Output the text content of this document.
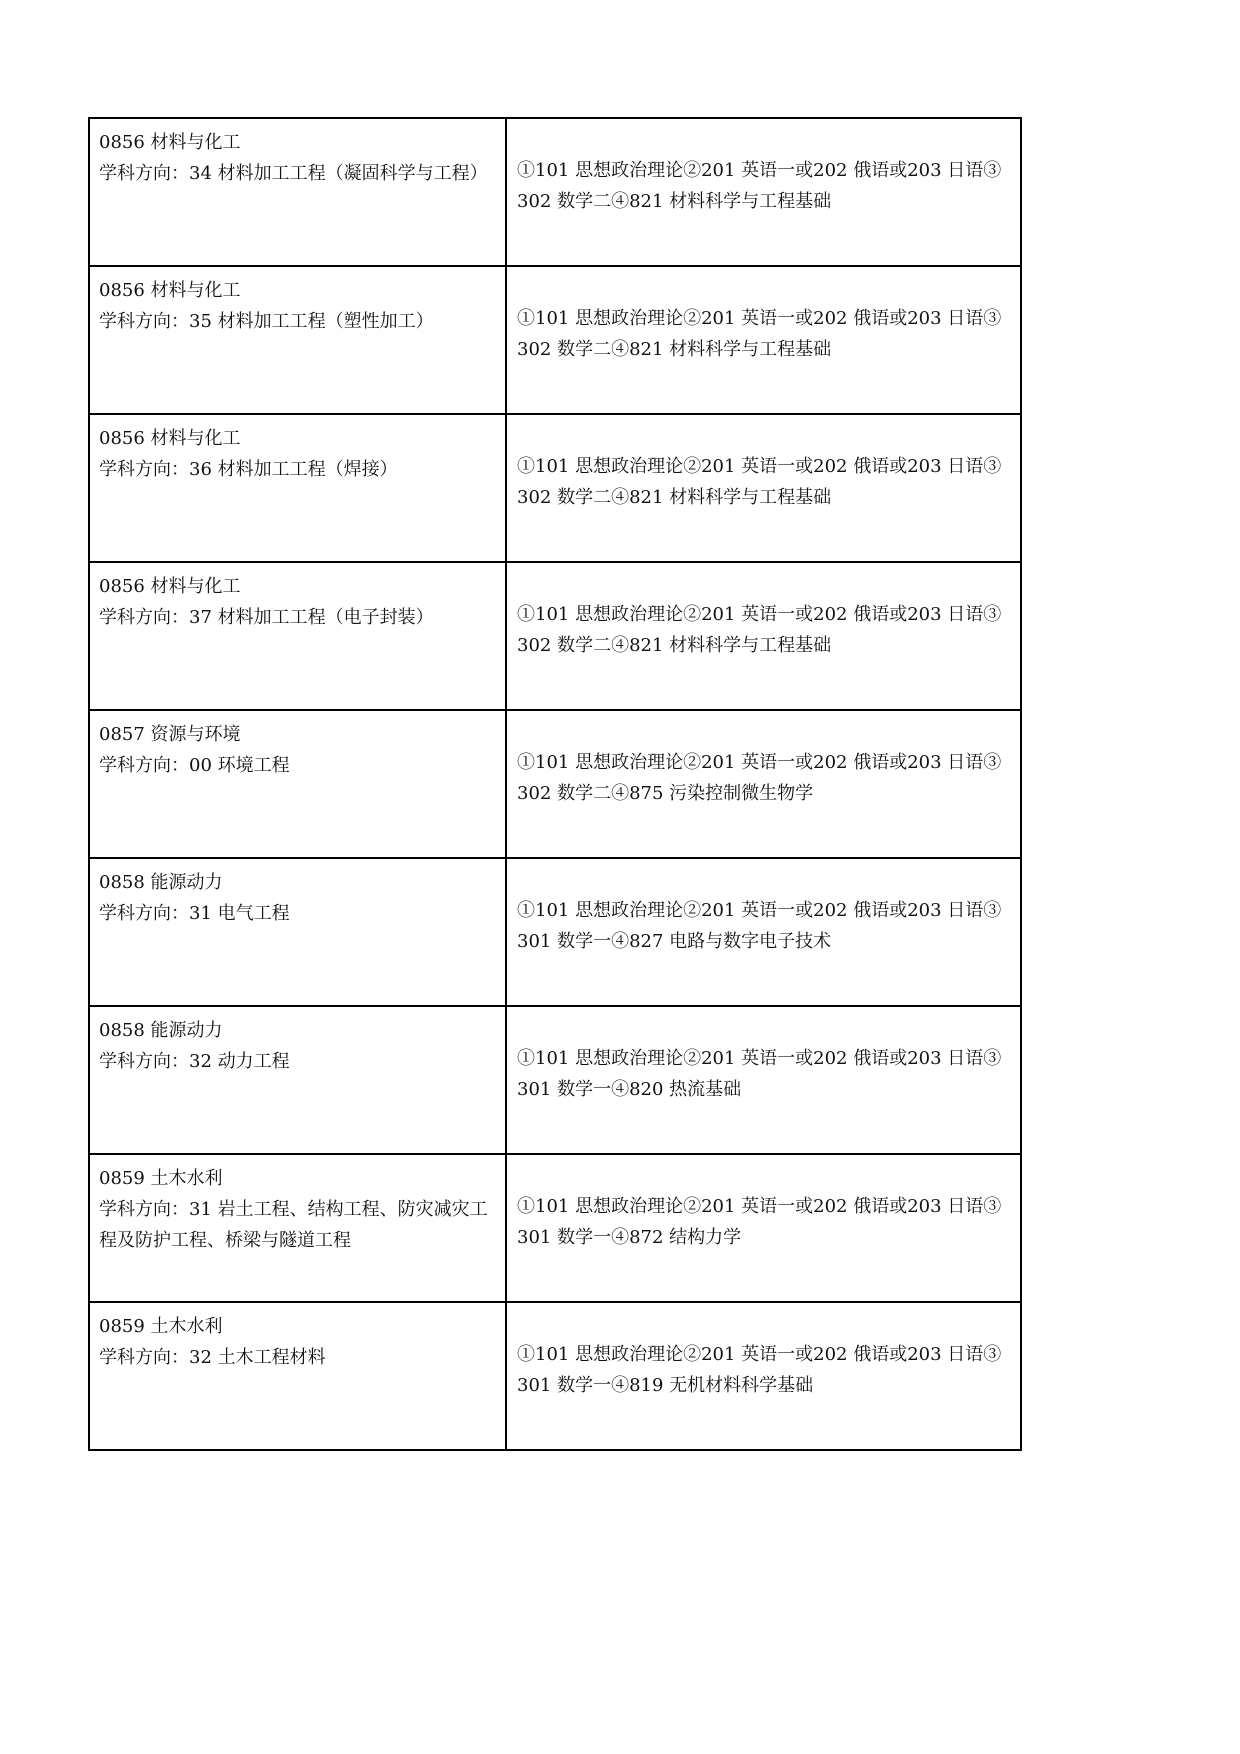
0856 材料与化工
学科方向：34 材料加工工程（凝固科学与工程）	①101 思想政治理论②201 英语一或202 俄语或203 日语③
302 数学二④821 材料科学与工程基础

0856 材料与化工
学科方向：35 材料加工工程（塑性加工）	①101 思想政治理论②201 英语一或202 俄语或203 日语③
302 数学二④821 材料科学与工程基础

0856 材料与化工
学科方向：36 材料加工工程（焊接）	①101 思想政治理论②201 英语一或202 俄语或203 日语③
302 数学二④821 材料科学与工程基础

0856 材料与化工
学科方向：37 材料加工工程（电子封装）	①101 思想政治理论②201 英语一或202 俄语或203 日语③
302 数学二④821 材料科学与工程基础

0857 资源与环境
学科方向：00 环境工程	①101 思想政治理论②201 英语一或202 俄语或203 日语③
302 数学二④875 污染控制微生物学

0858 能源动力
学科方向：31 电气工程	①101 思想政治理论②201 英语一或202 俄语或203 日语③
301 数学一④827 电路与数字电子技术

0858 能源动力
学科方向：32 动力工程	①101 思想政治理论②201 英语一或202 俄语或203 日语③
301 数学一④820 热流基础

0859 土木水利
学科方向：31 岩土工程、结构工程、防灾减灾工程及防护工程、桥梁与隧道工程	①101 思想政治理论②201 英语一或202 俄语或203 日语③
301 数学一④872 结构力学

0859 土木水利
学科方向：32 土木工程材料	①101 思想政治理论②201 英语一或202 俄语或203 日语③
301 数学一④819 无机材料科学基础
